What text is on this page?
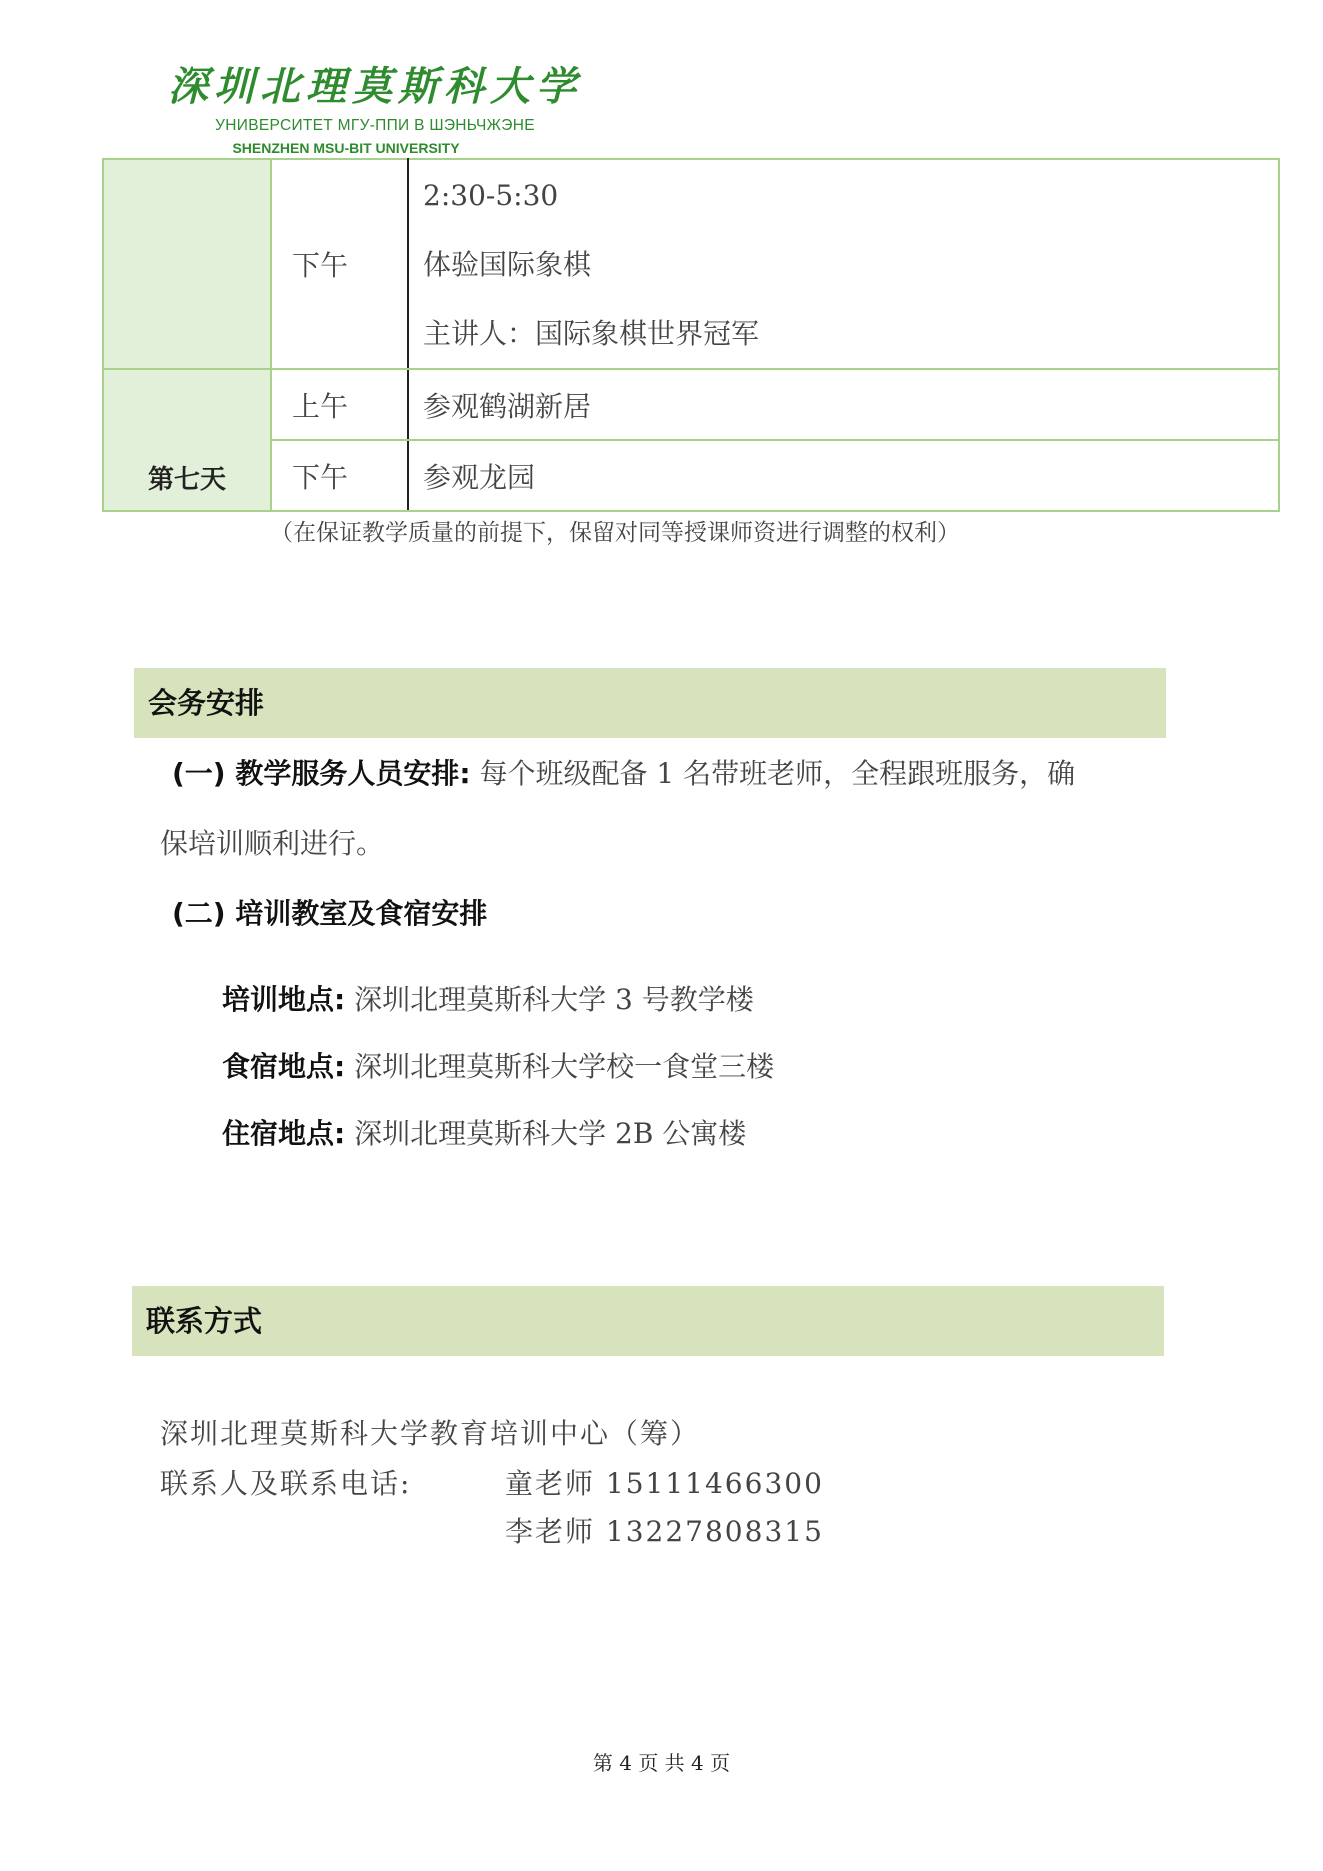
深圳北理莫斯科大学
УНИВЕРСИТЕТ МГУ-ППИ В ШЭНЬЧЖЭНЕ
SHENZHEN MSU-BIT UNIVERSITY
	下午	2:30-5:30
体验国际象棋
主讲人：国际象棋世界冠军

第七天	上午	参观鹤湖新居
	下午	参观龙园
（在保证教学质量的前提下，保留对同等授课师资进行调整的权利）
会务安排
(一) 教学服务人员安排: 每个班级配备 1 名带班老师，全程跟班服务，确
保培训顺利进行。
(二) 培训教室及食宿安排
培训地点: 深圳北理莫斯科大学 3 号教学楼
食宿地点: 深圳北理莫斯科大学校一食堂三楼
住宿地点: 深圳北理莫斯科大学 2B 公寓楼
联系方式
深圳北理莫斯科大学教育培训中心（筹）
联系人及联系电话:	童老师 15111466300
李老师 13227808315
第 4 页 共 4 页
